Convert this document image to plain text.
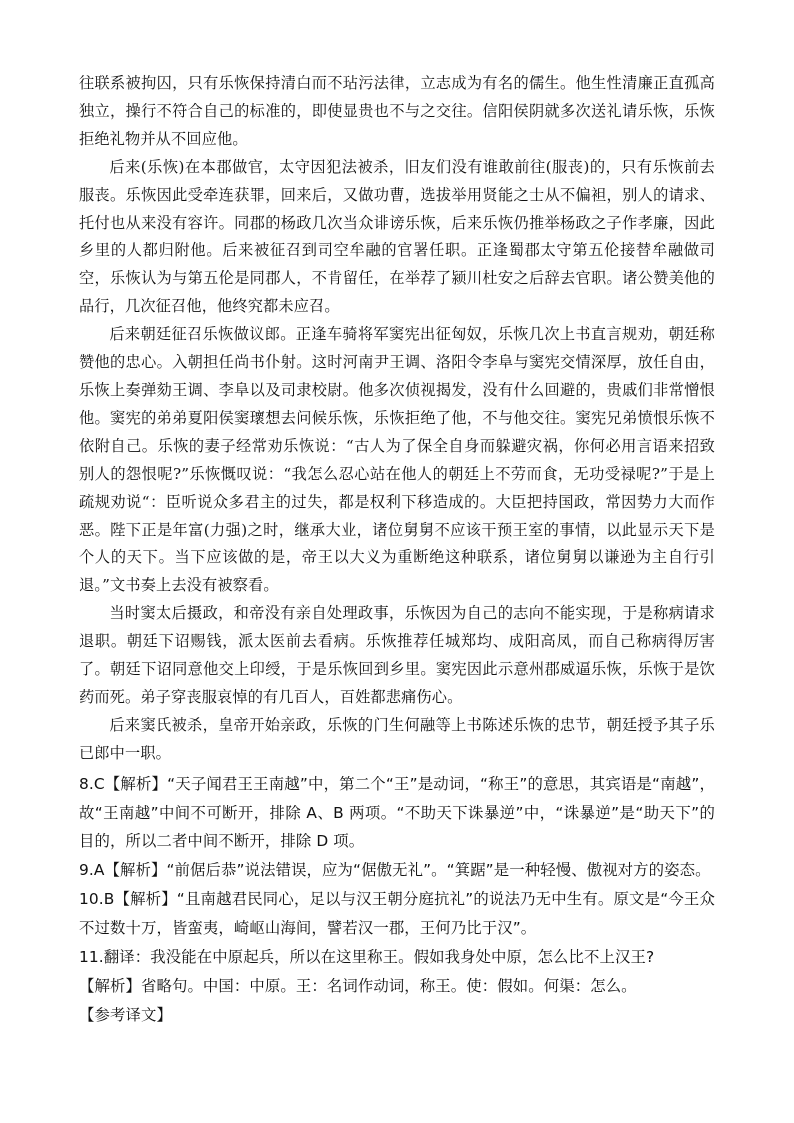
往联系被拘囚，只有乐恢保持清白而不玷污法律，立志成为有名的儒生。他生性清廉正直孤高独立，操行不符合自己的标准的，即使显贵也不与之交往。信阳侯阴就多次送礼请乐恢，乐恢拒绝礼物并从不回应他。

后来(乐恢)在本郡做官，太守因犯法被杀，旧友们没有谁敢前往(服丧)的，只有乐恢前去服丧。乐恢因此受牵连获罪，回来后，又做功曹，选拔举用贤能之士从不偏袒，别人的请求、托付也从来没有容许。同郡的杨政几次当众诽谤乐恢，后来乐恢仍推举杨政之子作孝廉，因此乡里的人都归附他。后来被征召到司空牟融的官署任职。正逢蜀郡太守第五伦接替牟融做司空，乐恢认为与第五伦是同郡人，不肯留任，在举荐了颍川杜安之后辞去官职。诸公赞美他的品行，几次征召他，他终究都未应召。

后来朝廷征召乐恢做议郎。正逢车骑将军窦宪出征匈奴，乐恢几次上书直言规劝，朝廷称赞他的忠心。入朝担任尚书仆射。这时河南尹王调、洛阳令李阜与窦宪交情深厚，放任自由，乐恢上奏弹劾王调、李阜以及司隶校尉。他多次侦视揭发，没有什么回避的，贵戚们非常憎恨他。窦宪的弟弟夏阳侯窦瓌想去问候乐恢，乐恢拒绝了他，不与他交往。窦宪兄弟愤恨乐恢不依附自己。乐恢的妻子经常劝乐恢说：“古人为了保全自身而躲避灾祸，你何必用言语来招致别人的怨恨呢?”乐恢慨叹说：“我怎么忍心站在他人的朝廷上不劳而食，无功受禄呢?”于是上疏规劝说“：臣听说众多君主的过失，都是权利下移造成的。大臣把持国政，常因势力大而作恶。陛下正是年富(力强)之时，继承大业，诸位舅舅不应该干预王室的事情，以此显示天下是个人的天下。当下应该做的是，帝王以大义为重断绝这种联系，诸位舅舅以谦逊为主自行引退。”文书奏上去没有被察看。

当时窦太后摄政，和帝没有亲自处理政事，乐恢因为自己的志向不能实现，于是称病请求退职。朝廷下诏赐钱，派太医前去看病。乐恢推荐任城郑均、成阳高凤，而自己称病得厉害了。朝廷下诏同意他交上印绶，于是乐恢回到乡里。窦宪因此示意州郡威逼乐恢，乐恢于是饮药而死。弟子穿丧服哀悼的有几百人，百姓都悲痛伤心。

后来窦氏被杀，皇帝开始亲政，乐恢的门生何融等上书陈述乐恢的忠节，朝廷授予其子乐已郎中一职。

8.C【解析】“天子闻君王王南越”中，第二个“王”是动词，“称王”的意思，其宾语是“南越”，故“王南越”中间不可断开，排除 A、B 两项。“不助天下诛暴逆”中，“诛暴逆”是“助天下”的目的，所以二者中间不断开，排除 D 项。

9.A【解析】“前倨后恭”说法错误，应为“倨傲无礼”。“箕踞”是一种轻慢、傲视对方的姿态。

10.B【解析】“且南越君民同心，足以与汉王朝分庭抗礼”的说法乃无中生有。原文是“今王众不过数十万，皆蛮夷，崎岖山海间，譬若汉一郡，王何乃比于汉”。

11.翻译：我没能在中原起兵，所以在这里称王。假如我身处中原，怎么比不上汉王?

【解析】省略句。中国：中原。王：名词作动词，称王。使：假如。何渠：怎么。

【参考译文】
